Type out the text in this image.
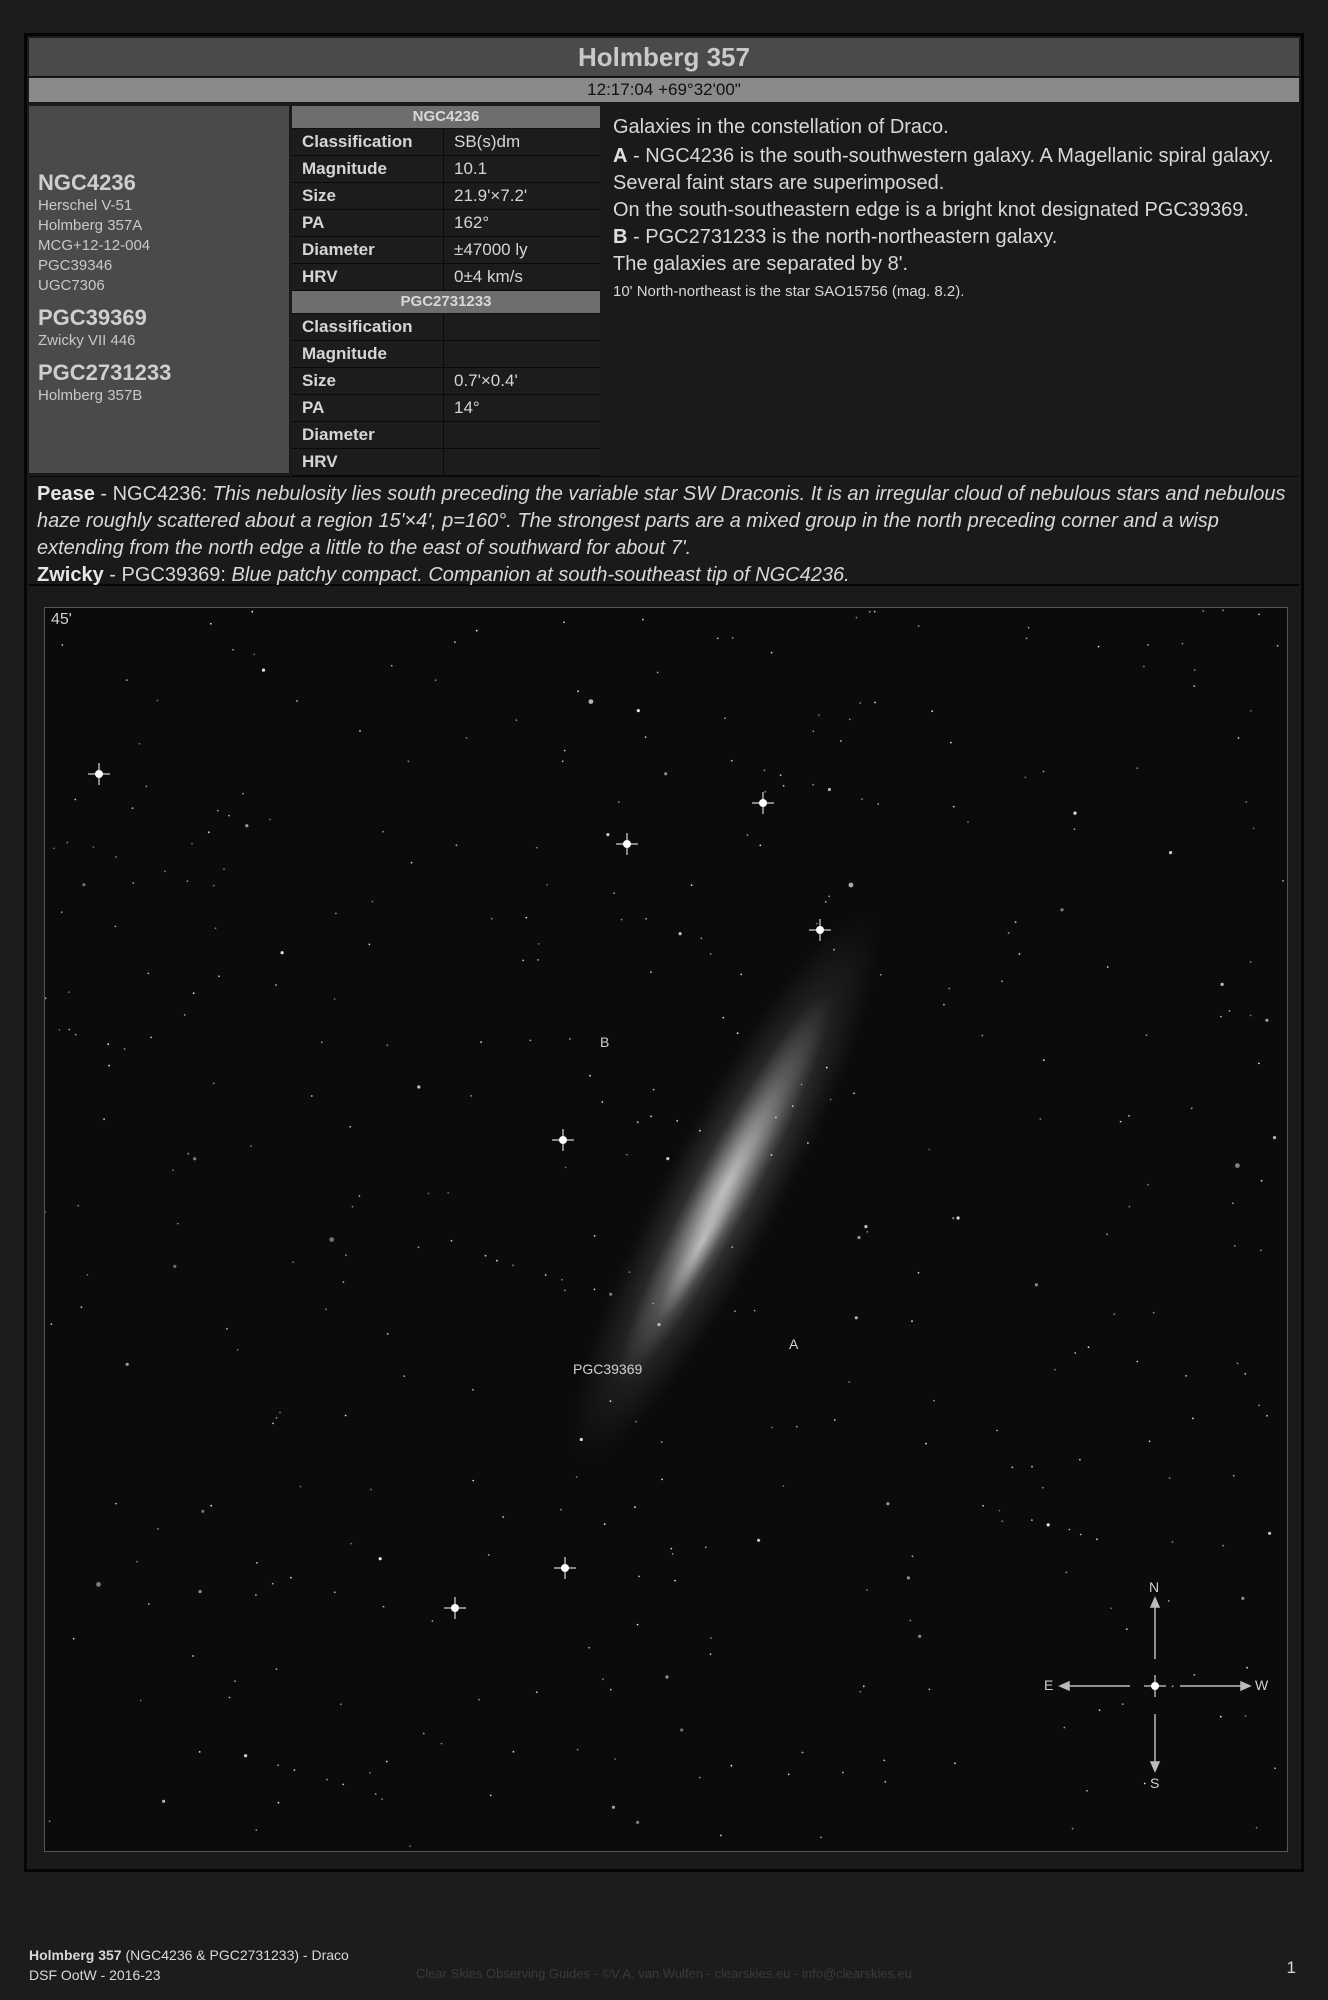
Holmberg 357
12:17:04 +69°32'00"

NGC4236

Herschel V-51

Holmberg 357A

MCG+12-12-004

PGC39346

UGC7306

PGC39369

Zwicky VII 446

PGC2731233

Holmberg 357B

NGC4236
Classification	SB(s)dm
Magnitude	10.1
Size	21.9'×7.2'
PA	162°
Diameter	±47000 ly
HRV	0±4 km/s
PGC2731233
Classification
Magnitude
Size	0.7'×0.4'
PA	14°
Diameter
HRV

Galaxies in the constellation of Draco.

A - NGC4236 is the south-southwestern galaxy. A Magellanic spiral galaxy. Several faint stars are superimposed.

On the south-southeastern edge is a bright knot designated PGC39369.

B - PGC2731233 is the north-northeastern galaxy.

The galaxies are separated by 8'.

10' North-northeast is the star SAO15756 (mag. 8.2).

Pease - NGC4236: This nebulosity lies south preceding the variable star SW Draconis. It is an irregular cloud of nebulous stars and nebulous haze roughly scattered about a region 15'×4', p=160°. The strongest parts are a mixed group in the north preceding corner and a wisp extending from the north edge a little to the east of southward for about 7'.

Zwicky - PGC39369: Blue patchy compact. Companion at south-southeast tip of NGC4236.

45'
B
A
PGC39369
N
S
E	W
Holmberg 357 (NGC4236 & PGC2731233) - Draco
DSF OotW - 2016-23	Clear Skies Observing Guides - ©V.A. van Wulfen - clearskies.eu - info@clearskies.eu	1
